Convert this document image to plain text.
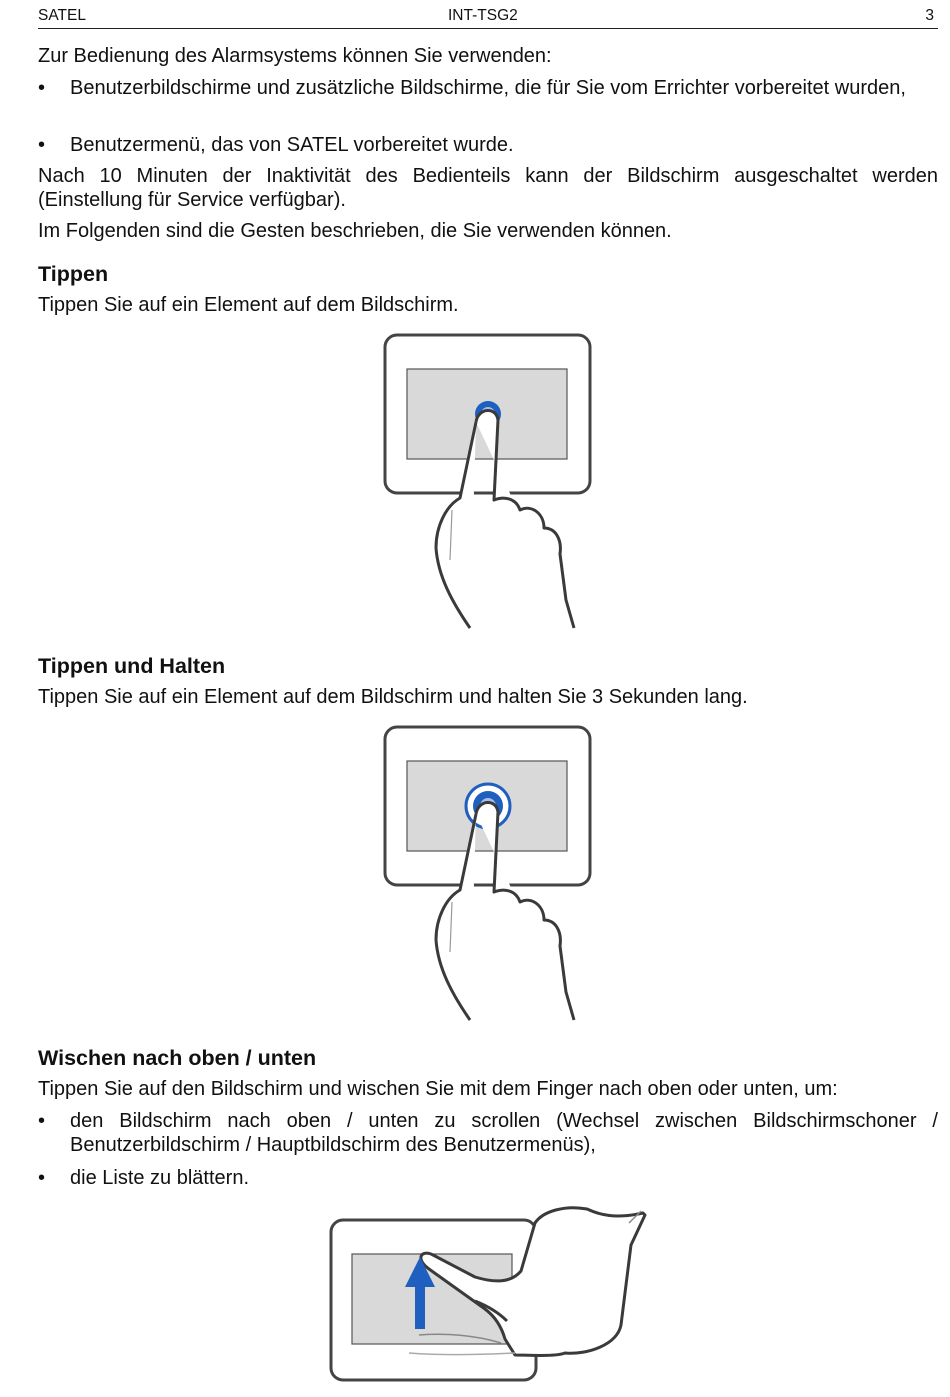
SATEL	INT-TSG2	3

Zur Bedienung des Alarmsystems können Sie verwenden:

•	Benutzerbildschirme und zusätzliche Bildschirme, die für Sie vom Errichter vorbereitet wurden,
•	Benutzermenü, das von SATEL vorbereitet wurde.

Nach 10 Minuten der Inaktivität des Bedienteils kann der Bildschirm ausgeschaltet werden (Einstellung für Service verfügbar).

Im Folgenden sind die Gesten beschrieben, die Sie verwenden können.

Tippen

Tippen Sie auf ein Element auf dem Bildschirm.

Tippen und Halten

Tippen Sie auf ein Element auf dem Bildschirm und halten Sie 3 Sekunden lang.

Wischen nach oben / unten

Tippen Sie auf den Bildschirm und wischen Sie mit dem Finger nach oben oder unten, um:

•	den Bildschirm nach oben / unten zu scrollen (Wechsel zwischen Bildschirmschoner / Benutzerbildschirm / Hauptbildschirm des Benutzermenüs),
•	die Liste zu blättern.
